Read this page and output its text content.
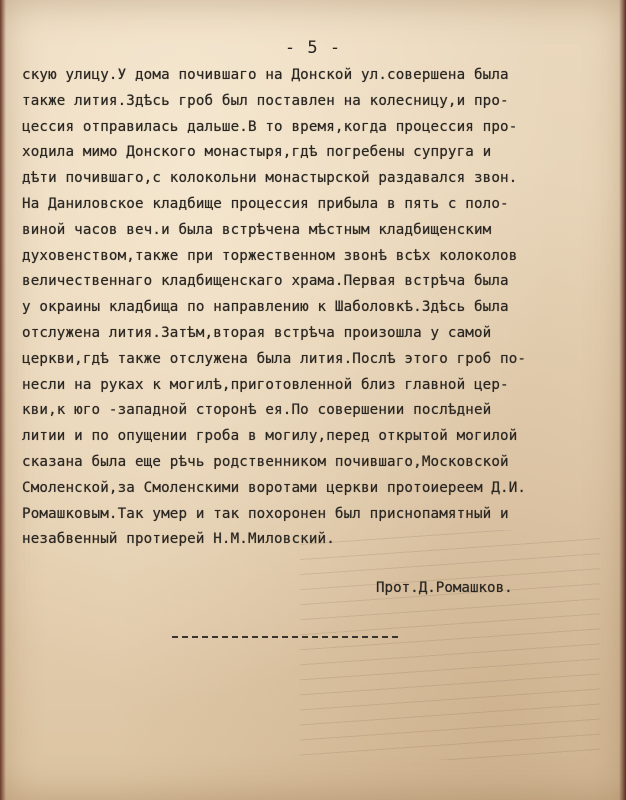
- 5 -
скую улицу.У дома почившаго на Донской ул.совершена была
также лития.Здѣсь гроб был поставлен на колесницу,и про-
цессия отправилась дальше.В то время,когда процессия про-
ходила мимо Донского монастыря,гдѣ погребены супруга и
дѣти почившаго,с колокольни монастырской раздавался звон.
На Даниловское кладбище процессия прибыла в пять с поло-
виной часов веч.и была встрѣчена мѣстным кладбищенским
духовенством,также при торжественном звонѣ всѣх колоколов
величественнаго кладбищенскаго храма.Первая встрѣча была
у окраины кладбища по направлению к Шаболовкѣ.Здѣсь была
отслужена лития.Затѣм,вторая встрѣча произошла у самой
церкви,гдѣ также отслужена была лития.Послѣ этого гроб по-
несли на руках к могилѣ,приготовленной близ главной цер-
кви,к юго -западной сторонѣ ея.По совершении послѣдней
литии и по опущении гроба в могилу,перед открытой могилой
сказана была еще рѣчь родственником почившаго,Московской
Смоленской,за Смоленскими воротами церкви протоиереем Д.И.
Ромашковым.Так умер и так похоронен был приснопамятный и
незабвенный протиерей Н.М.Миловский.
Прот.Д.Ромашков.
